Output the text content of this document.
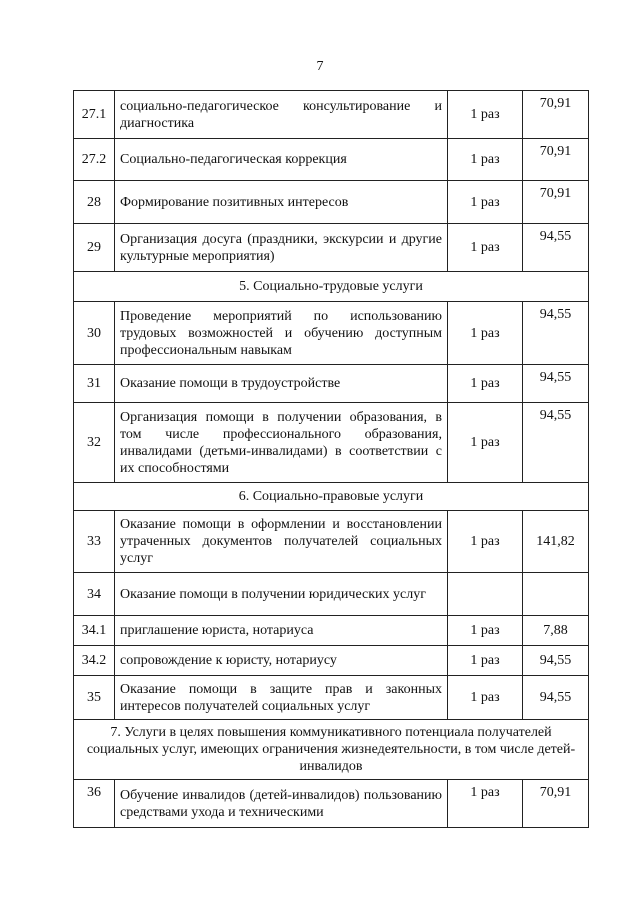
7
27.1	социально-педагогическое консультирование и диагностика	1 раз	70,91
27.2	Социально-педагогическая коррекция	1 раз	70,91
28	Формирование позитивных интересов	1 раз	70,91
29	Организация досуга (праздники, экскурсии и другие культурные мероприятия)	1 раз	94,55
5. Социально-трудовые услуги			
30	Проведение мероприятий по использованию трудовых возможностей и обучению доступным профессиональным навыкам	1 раз	94,55
31	Оказание помощи в трудоустройстве	1 раз	94,55
32	Организация помощи в получении образования, в том числе профессионального образования, инвалидами (детьми-инвалидами) в соответствии с их способностями	1 раз	94,55
6. Социально-правовые услуги			
33	Оказание помощи в оформлении и восстановлении утраченных документов получателей социальных услуг	1 раз	141,82
34	Оказание помощи в получении юридических услуг		
34.1	приглашение юриста, нотариуса	1 раз	7,88
34.2	сопровождение к юристу, нотариусу	1 раз	94,55
35	Оказание помощи в защите прав и законных интересов получателей социальных услуг	1 раз	94,55
7. Услуги в целях повышения коммуникативного потенциала получателей социальных услуг, имеющих ограничения жизнедеятельности, в том числе детей-инвалидов			
36	Обучение инвалидов (детей-инвалидов) пользованию средствами ухода и техническими	1 раз	70,91
